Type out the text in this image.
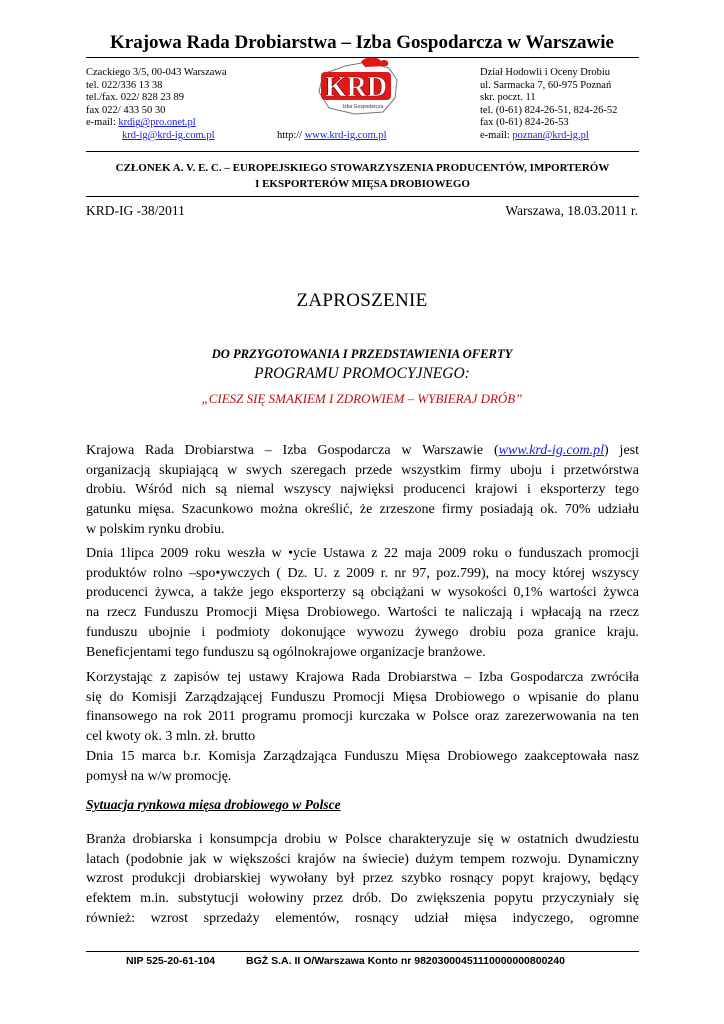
Krajowa Rada Drobiarstwa – Izba Gospodarcza w Warszawie
Czackiego 3/5, 00-043 Warszawa
tel. 022/336 13 38
tel./fax. 022/ 828 23 89
fax 022/ 433 50 30
e-mail: krdig@pro.onet.pl
krd-ig@krd-ig.com.pl	http:// www.krd-ig.com.pl
KRD
Izba Gospodarcza
Dział Hodowli i Oceny Drobiu
ul. Sarmacka 7, 60-975 Poznań
skr. poczt. 11
tel. (0-61) 824-26-51, 824-26-52
fax (0-61) 824-26-53
e-mail: poznan@krd-ig.pl
CZŁONEK A. V. E. C. – EUROPEJSKIEGO STOWARZYSZENIA PRODUCENTÓW, IMPORTERÓW
I EKSPORTERÓW MIĘSA DROBIOWEGO
KRD-IG -38/2011	Warszawa, 18.03.2011 r.
ZAPROSZENIE
DO PRZYGOTOWANIA I PRZEDSTAWIENIA OFERTY
PROGRAMU PROMOCYJNEGO:
„CIESZ SIĘ SMAKIEM I ZDROWIEM – WYBIERAJ DRÓB”
Krajowa Rada Drobiarstwa – Izba Gospodarcza w Warszawie (www.krd-ig.com.pl) jest
organizacją skupiającą w swych szeregach przede wszystkim firmy uboju i przetwórstwa
drobiu. Wśród nich są niemal wszyscy najwięksi producenci krajowi i eksporterzy tego
gatunku mięsa. Szacunkowo można określić, że zrzeszone firmy posiadają ok. 70% udziału
w polskim rynku drobiu.
Dnia 1lipca 2009 roku weszła w •ycie Ustawa z 22 maja 2009 roku o funduszach promocji
produktów rolno –spo•ywczych ( Dz. U. z 2009 r. nr 97, poz.799), na mocy której wszyscy
producenci żywca, a także jego eksporterzy są obciążani w wysokości 0,1% wartości żywca
na rzecz Funduszu Promocji Mięsa Drobiowego. Wartości te naliczają i wpłacają na rzecz
funduszu ubojnie i podmioty dokonujące wywozu żywego drobiu poza granice kraju.
Beneficjentami tego funduszu są ogólnokrajowe organizacje branżowe.
Korzystając z zapisów tej ustawy Krajowa Rada Drobiarstwa – Izba Gospodarcza zwróciła
się do Komisji Zarządzającej Funduszu Promocji Mięsa Drobiowego o wpisanie do planu
finansowego na rok 2011 programu promocji kurczaka w Polsce oraz zarezerwowania na ten
cel kwoty ok. 3 mln. zł. brutto
Dnia 15 marca b.r. Komisja Zarządzająca Funduszu Mięsa Drobiowego zaakceptowała nasz
pomysł na w/w promocję.
Sytuacja rynkowa mięsa drobiowego w Polsce
Branża drobiarska i konsumpcja drobiu w Polsce charakteryzuje się w ostatnich dwudziestu
latach (podobnie jak w większości krajów na świecie) dużym tempem rozwoju. Dynamiczny
wzrost produkcji drobiarskiej wywołany był przez szybko rosnący popyt krajowy, będący
efektem m.in. substytucji wołowiny przez drób. Do zwiększenia popytu przyczyniały się
również: wzrost sprzedaży elementów, rosnący udział mięsa indyczego, ogromne
NIP 525-20-61-104	BGŻ S.A. II O/Warszawa Konto nr 98203000451110000000800240
